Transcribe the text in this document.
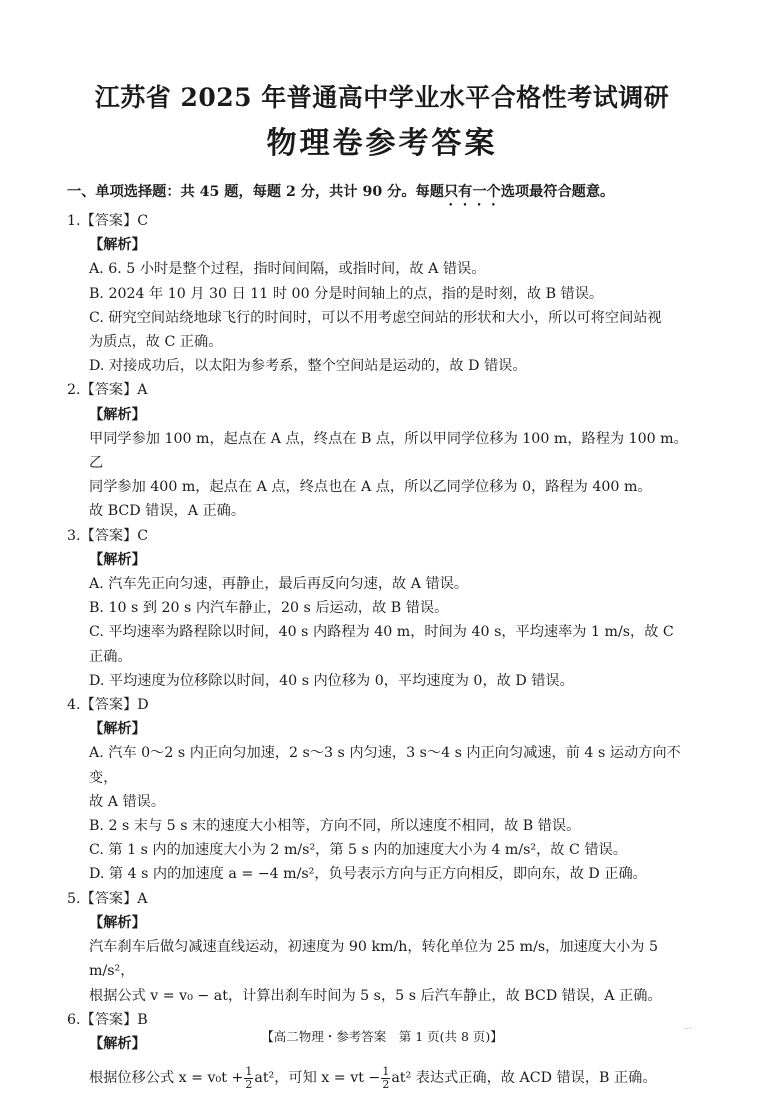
江苏省 2025 年普通高中学业水平合格性考试调研
物理卷参考答案
一、单项选择题：共 45 题，每题 2 分，共计 90 分。每题只有一个选项最符合题意。
1.【答案】C
【解析】
A. 6. 5 小时是整个过程，指时间间隔，或指时间，故 A 错误。
B. 2024 年 10 月 30 日 11 时 00 分是时间轴上的点，指的是时刻，故 B 错误。
C. 研究空间站绕地球飞行的时间时，可以不用考虑空间站的形状和大小，所以可将空间站视
为质点，故 C 正确。
D. 对接成功后，以太阳为参考系，整个空间站是运动的，故 D 错误。
2.【答案】A
【解析】
甲同学参加 100 m，起点在 A 点，终点在 B 点，所以甲同学位移为 100 m，路程为 100 m。乙
同学参加 400 m，起点在 A 点，终点也在 A 点，所以乙同学位移为 0，路程为 400 m。
故 BCD 错误，A 正确。
3.【答案】C
【解析】
A. 汽车先正向匀速，再静止，最后再反向匀速，故 A 错误。
B. 10 s 到 20 s 内汽车静止，20 s 后运动，故 B 错误。
C. 平均速率为路程除以时间，40 s 内路程为 40 m，时间为 40 s，平均速率为 1 m/s，故 C
正确。
D. 平均速度为位移除以时间，40 s 内位移为 0，平均速度为 0，故 D 错误。
4.【答案】D
【解析】
A. 汽车 0～2 s 内正向匀加速，2 s～3 s 内匀速，3 s～4 s 内正向匀减速，前 4 s 运动方向不变，
故 A 错误。
B. 2 s 末与 5 s 末的速度大小相等，方向不同，所以速度不相同，故 B 错误。
C. 第 1 s 内的加速度大小为 2 m/s²，第 5 s 内的加速度大小为 4 m/s²，故 C 错误。
D. 第 4 s 内的加速度 a = −4 m/s²，负号表示方向与正方向相反，即向东，故 D 正确。
5.【答案】A
【解析】
汽车刹车后做匀减速直线运动，初速度为 90 km/h，转化单位为 25 m/s，加速度大小为 5 m/s²，
根据公式 v = v₀ − at，计算出刹车时间为 5 s，5 s 后汽车静止，故 BCD 错误，A 正确。
6.【答案】B
【解析】
根据位移公式 $x = v_0t + \frac{1}{2} at^2$，可知 x = vt − $\frac{1}{2} at^2$ 表达式正确，故 ACD 错误，B 正确。
【高二物理・参考答案　第 1 页(共 8 页)】
...
